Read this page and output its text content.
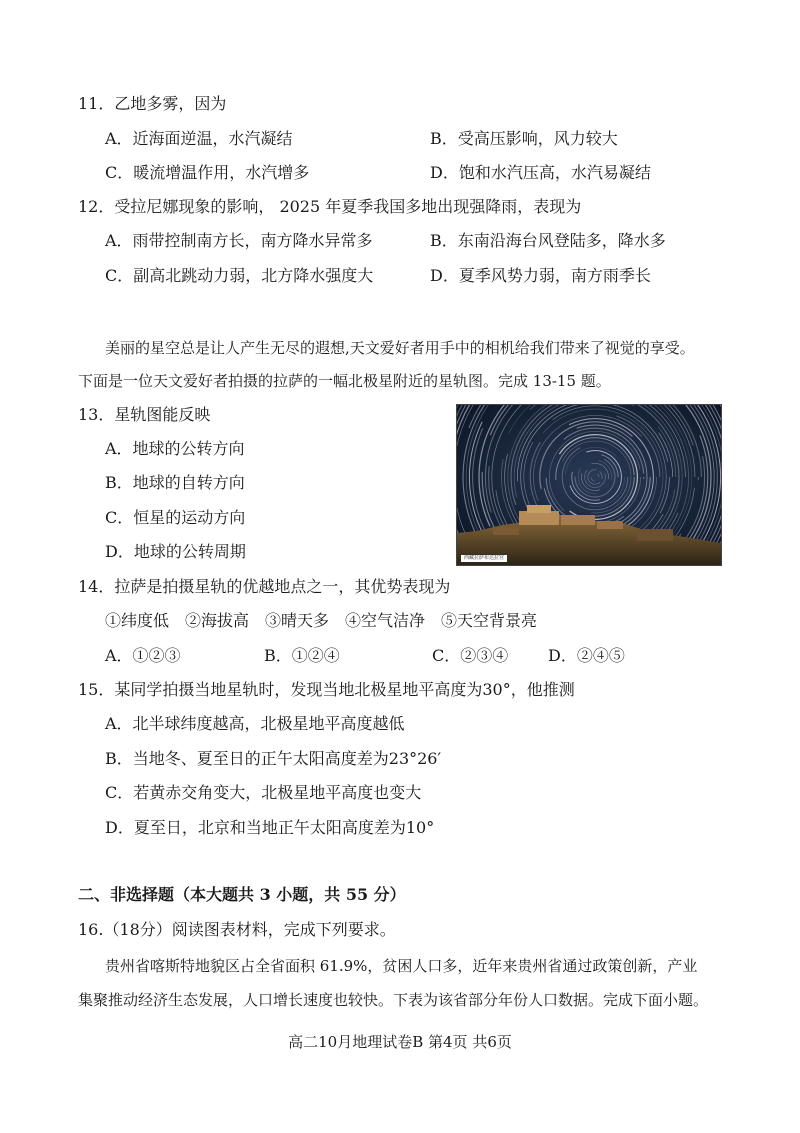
11．乙地多雾，因为
A．近海面逆温，水汽凝结	B．受高压影响，风力较大
C．暖流增温作用，水汽增多	D．饱和水汽压高，水汽易凝结
12．受拉尼娜现象的影响， 2025 年夏季我国多地出现强降雨，表现为
A．雨带控制南方长，南方降水异常多	B．东南沿海台风登陆多，降水多
C．副高北跳动力弱，北方降水强度大	D．夏季风势力弱，南方雨季长
美丽的星空总是让人产生无尽的遐想,天文爱好者用手中的相机给我们带来了视觉的享受。
下面是一位天文爱好者拍摄的拉萨的一幅北极星附近的星轨图。完成 13-15 题。
西藏拉萨布达拉宫
13．星轨图能反映
A．地球的公转方向
B．地球的自转方向
C．恒星的运动方向
D．地球的公转周期
14．拉萨是拍摄星轨的优越地点之一，其优势表现为
①纬度低　②海拔高　③晴天多　④空气洁净　⑤天空背景亮
A．①②③	B．①②④	C．②③④ D．②④⑤
15．某同学拍摄当地星轨时，发现当地北极星地平高度为30°，他推测
A．北半球纬度越高，北极星地平高度越低
B．当地冬、夏至日的正午太阳高度差为23°26′
C．若黄赤交角变大，北极星地平高度也变大
D．夏至日，北京和当地正午太阳高度差为10°
二、非选择题（本大题共 3 小题，共 55 分）
16.（18分）阅读图表材料，完成下列要求。
贵州省喀斯特地貌区占全省面积 61.9%，贫困人口多，近年来贵州省通过政策创新，产业
集聚推动经济生态发展，人口增长速度也较快。下表为该省部分年份人口数据。完成下面小题。
高二10月地理试卷B 第4页 共6页
